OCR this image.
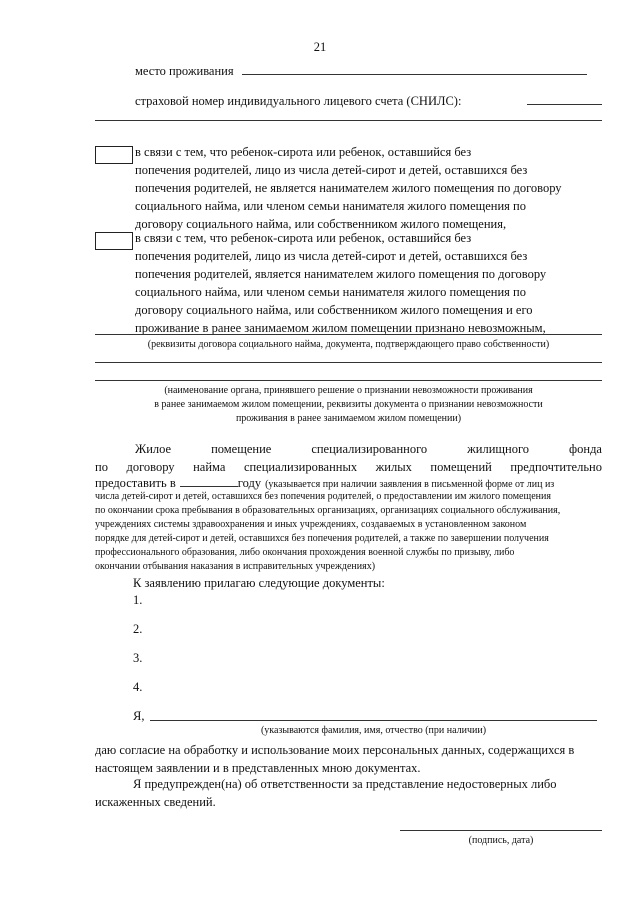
21
место проживания
страховой номер индивидуального лицевого счета (СНИЛС):
в связи с тем, что ребенок-сирота или ребенок, оставшийся без
попечения родителей, лицо из числа детей-сирот и детей, оставшихся без
попечения родителей, не является нанимателем жилого помещения по договору
социального найма, или членом семьи нанимателя жилого помещения по
договору социального найма, или собственником жилого помещения,
в связи с тем, что ребенок-сирота или ребенок, оставшийся без
попечения родителей, лицо из числа детей-сирот и детей, оставшихся без
попечения родителей, является нанимателем жилого помещения по договору
социального найма, или членом семьи нанимателя жилого помещения по
договору социального найма, или собственником жилого помещения и его
проживание в ранее занимаемом жилом помещении признано невозможным,
(реквизиты договора социального найма, документа, подтверждающего право собственности)
(наименование органа, принявшего решение о признании невозможности проживания
в ранее занимаемом жилом помещении, реквизиты документа о признании невозможности
проживания в ранее занимаемом жилом помещении)
Жилое	помещение	специализированного	жилищного	фонда
по договору найма специализированных жилых помещений предпочтительно
предоставить в	году (указывается при наличии заявления в письменной форме от лиц из
числа детей-сирот и детей, оставшихся без попечения родителей, о предоставлении им жилого помещения
по окончании срока пребывания в образовательных организациях, организациях социального обслуживания,
учреждениях системы здравоохранения и иных учреждениях, создаваемых в установленном законом
порядке для детей-сирот и детей, оставшихся без попечения родителей, а также по завершении получения
профессионального образования, либо окончания прохождения военной службы по призыву, либо
окончании отбывания наказания в исправительных учреждениях)
К заявлению прилагаю следующие документы:
1.
2.
3.
4.
Я,
(указываются фамилия, имя, отчество (при наличии)
даю согласие на обработку и использование моих персональных данных, содержащихся в
настоящем заявлении и в представленных мною документах.
Я предупрежден(на) об ответственности за представление недостоверных либо
искаженных сведений.
(подпись, дата)
